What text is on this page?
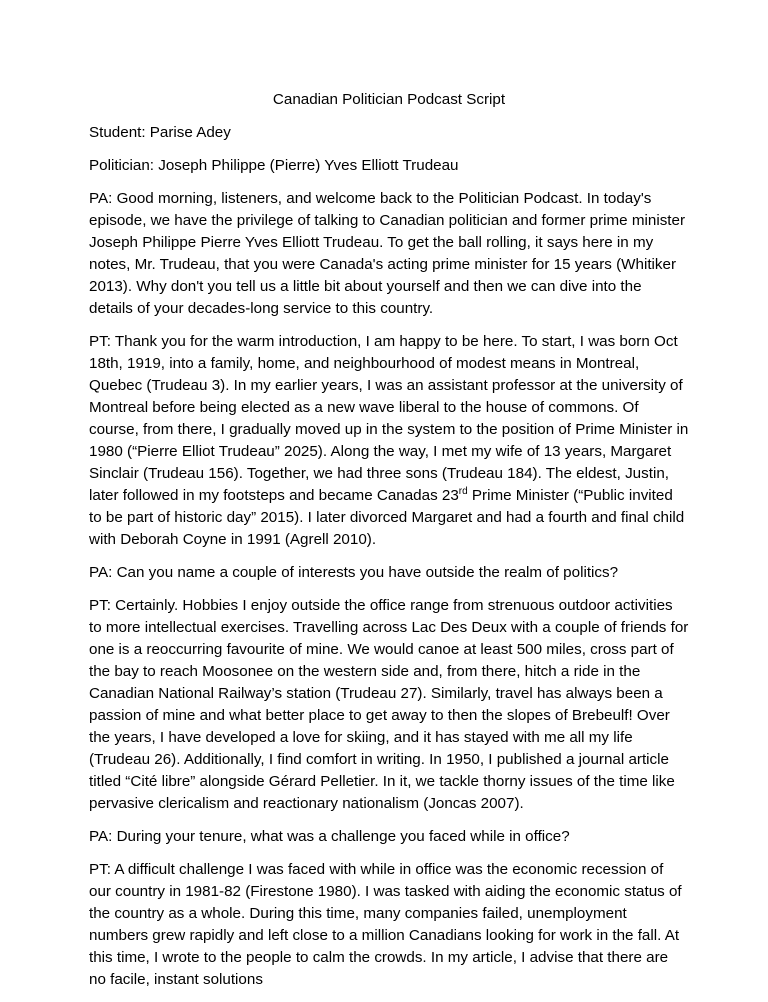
Canadian Politician Podcast Script

Student: Parise Adey

Politician: Joseph Philippe (Pierre) Yves Elliott Trudeau

PA: Good morning, listeners, and welcome back to the Politician Podcast. In today's episode, we have the privilege of talking to Canadian politician and former prime minister Joseph Philippe Pierre Yves Elliott Trudeau. To get the ball rolling, it says here in my notes, Mr. Trudeau, that you were Canada's acting prime minister for 15 years (Whitiker 2013). Why don't you tell us a little bit about yourself and then we can dive into the details of your decades-long service to this country.

PT: Thank you for the warm introduction, I am happy to be here. To start, I was born Oct 18th, 1919, into a family, home, and neighbourhood of modest means in Montreal, Quebec (Trudeau 3). In my earlier years, I was an assistant professor at the university of Montreal before being elected as a new wave liberal to the house of commons. Of course, from there, I gradually moved up in the system to the position of Prime Minister in 1980 (“Pierre Elliot Trudeau” 2025). Along the way, I met my wife of 13 years, Margaret Sinclair (Trudeau 156). Together, we had three sons (Trudeau 184). The eldest, Justin, later followed in my footsteps and became Canadas 23rd Prime Minister (“Public invited to be part of historic day” 2015). I later divorced Margaret and had a fourth and final child with Deborah Coyne in 1991 (Agrell 2010).

PA: Can you name a couple of interests you have outside the realm of politics?

PT: Certainly. Hobbies I enjoy outside the office range from strenuous outdoor activities to more intellectual exercises. Travelling across Lac Des Deux with a couple of friends for one is a reoccurring favourite of mine. We would canoe at least 500 miles, cross part of the bay to reach Moosonee on the western side and, from there, hitch a ride in the Canadian National Railway’s station (Trudeau 27). Similarly, travel has always been a passion of mine and what better place to get away to then the slopes of Brebeulf! Over the years, I have developed a love for skiing, and it has stayed with me all my life (Trudeau 26). Additionally, I find comfort in writing. In 1950, I published a journal article titled “Cité libre” alongside Gérard Pelletier. In it, we tackle thorny issues of the time like pervasive clericalism and reactionary nationalism (Joncas 2007).

PA: During your tenure, what was a challenge you faced while in office?

PT: A difficult challenge I was faced with while in office was the economic recession of our country in 1981-82 (Firestone 1980). I was tasked with aiding the economic status of the country as a whole. During this time, many companies failed, unemployment numbers grew rapidly and left close to a million Canadians looking for work in the fall. At this time, I wrote to the people to calm the crowds. In my article, I advise that there are no facile, instant solutions
